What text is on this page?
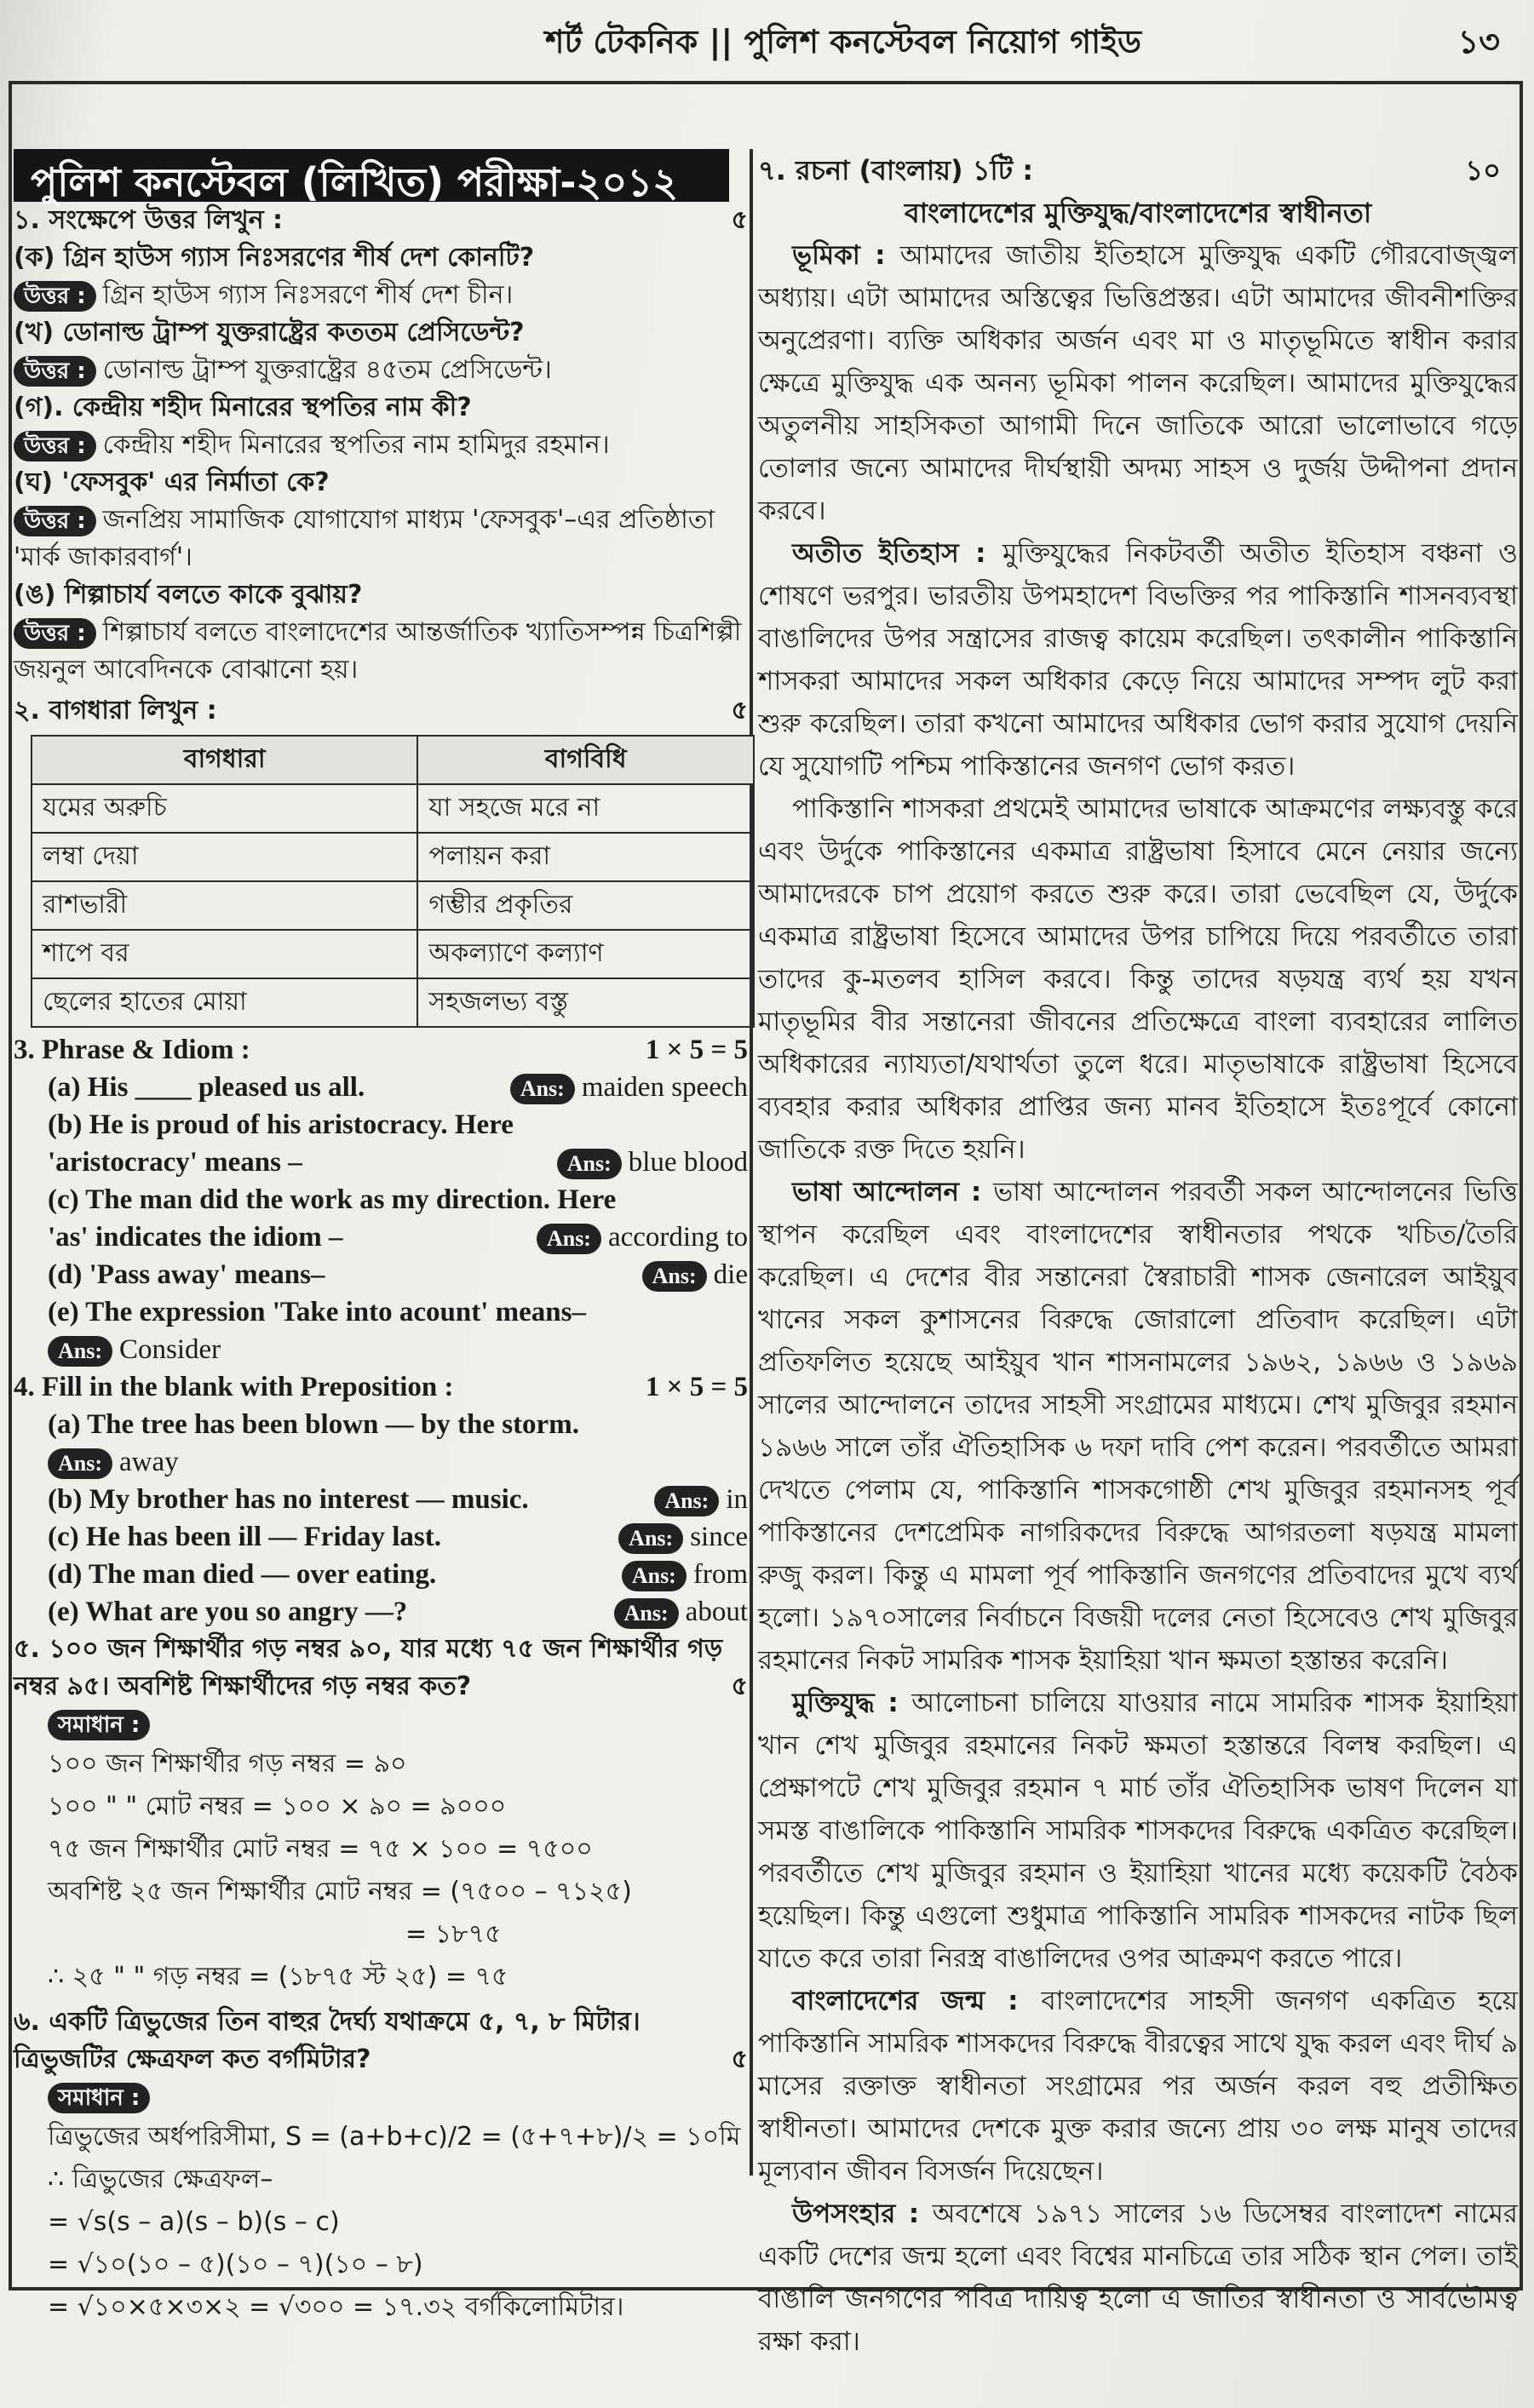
শর্ট টেকনিক || পুলিশ কনস্টেবল নিয়োগ গাইড	১৩
পুলিশ কনস্টেবল (লিখিত) পরীক্ষা-২০১২
১. সংক্ষেপে উত্তর লিখুন :	৫
(ক) গ্রিন হাউস গ্যাস নিঃসরণের শীর্ষ দেশ কোনটি?
উত্তর : গ্রিন হাউস গ্যাস নিঃসরণে শীর্ষ দেশ চীন।
(খ) ডোনাল্ড ট্রাম্প যুক্তরাষ্ট্রের কততম প্রেসিডেন্ট?
উত্তর : ডোনাল্ড ট্রাম্প যুক্তরাষ্ট্রের ৪৫তম প্রেসিডেন্ট।
(গ). কেন্দ্রীয় শহীদ মিনারের স্থপতির নাম কী?
উত্তর : কেন্দ্রীয় শহীদ মিনারের স্থপতির নাম হামিদুর রহমান।
(ঘ) 'ফেসবুক' এর নির্মাতা কে?
উত্তর : জনপ্রিয় সামাজিক যোগাযোগ মাধ্যম 'ফেসবুক'–এর প্রতিষ্ঠাতা 'মার্ক জাকারবার্গ'।
(ঙ) শিল্পাচার্য বলতে কাকে বুঝায়?
উত্তর : শিল্পাচার্য বলতে বাংলাদেশের আন্তর্জাতিক খ্যাতিসম্পন্ন চিত্রশিল্পী জয়নুল আবেদিনকে বোঝানো হয়।
২. বাগধারা লিখুন :	৫
বাগধারা	বাগবিধি
যমের অরুচি	যা সহজে মরে না
লম্বা দেয়া	পলায়ন করা
রাশভারী	গম্ভীর প্রকৃতির
শাপে বর	অকল্যাণে কল্যাণ
ছেলের হাতের মোয়া	সহজলভ্য বস্তু
3. Phrase & Idiom :	1 × 5 = 5
(a) His ____ pleased us all.	Ans: maiden speech
(b) He is proud of his aristocracy. Here
'aristocracy' means –	Ans: blue blood
(c) The man did the work as my direction. Here
'as' indicates the idiom –	Ans: according to
(d) 'Pass away' means–	Ans: die
(e) The expression 'Take into acount' means–
Ans: Consider
4. Fill in the blank with Preposition :	1 × 5 = 5
(a) The tree has been blown — by the storm.
Ans: away
(b) My brother has no interest — music.	Ans: in
(c) He has been ill — Friday last.	Ans: since
(d) The man died — over eating.	Ans: from
(e) What are you so angry —?	Ans: about
৫. ১০০ জন শিক্ষার্থীর গড় নম্বর ৯০, যার মধ্যে ৭৫ জন শিক্ষার্থীর গড় নম্বর ৯৫। অবশিষ্ট শিক্ষার্থীদের গড় নম্বর কত?	৫
সমাধান :
১০০ জন শিক্ষার্থীর গড় নম্বর = ৯০
১০০ " " মোট নম্বর = ১০০ × ৯০ = ৯০০০
৭৫ জন শিক্ষার্থীর মোট নম্বর = ৭৫ × ১০০ = ৭৫০০
অবশিষ্ট ২৫ জন শিক্ষার্থীর মোট নম্বর = (৭৫০০ – ৭১২৫)
= ১৮৭৫
∴ ২৫ " " গড় নম্বর = (১৮৭৫ স্ট ২৫) = ৭৫
৬. একটি ত্রিভুজের তিন বাহুর দৈর্ঘ্য যথাক্রমে ৫, ৭, ৮ মিটার। ত্রিভুজটির ক্ষেত্রফল কত বর্গমিটার?	৫
সমাধান :
ত্রিভুজের অর্ধপরিসীমা, S = (a+b+c)/2 = (৫+৭+৮)/২ = ১০মি
∴ ত্রিভুজের ক্ষেত্রফল–
= √s(s – a)(s – b)(s – c)
= √১০(১০ – ৫)(১০ – ৭)(১০ – ৮)
= √১০×৫×৩×২ = √৩০০ = ১৭.৩২ বর্গকিলোমিটার।
৭. রচনা (বাংলায়) ১টি :	১০
বাংলাদেশের মুক্তিযুদ্ধ/বাংলাদেশের স্বাধীনতা
ভূমিকা : আমাদের জাতীয় ইতিহাসে মুক্তিযুদ্ধ একটি গৌরবোজ্জ্বল অধ্যায়। এটা আমাদের অস্তিত্বের ভিত্তিপ্রস্তর। এটা আমাদের জীবনীশক্তির অনুপ্রেরণা। ব্যক্তি অধিকার অর্জন এবং মা ও মাতৃভূমিতে স্বাধীন করার ক্ষেত্রে মুক্তিযুদ্ধ এক অনন্য ভূমিকা পালন করেছিল। আমাদের মুক্তিযুদ্ধের অতুলনীয় সাহসিকতা আগামী দিনে জাতিকে আরো ভালোভাবে গড়ে তোলার জন্যে আমাদের দীর্ঘস্থায়ী অদম্য সাহস ও দুর্জয় উদ্দীপনা প্রদান করবে।
অতীত ইতিহাস : মুক্তিযুদ্ধের নিকটবর্তী অতীত ইতিহাস বঞ্চনা ও শোষণে ভরপুর। ভারতীয় উপমহাদেশ বিভক্তির পর পাকিস্তানি শাসনব্যবস্থা বাঙালিদের উপর সন্ত্রাসের রাজত্ব কায়েম করেছিল। তৎকালীন পাকিস্তানি শাসকরা আমাদের সকল অধিকার কেড়ে নিয়ে আমাদের সম্পদ লুট করা শুরু করেছিল। তারা কখনো আমাদের অধিকার ভোগ করার সুযোগ দেয়নি যে সুযোগটি পশ্চিম পাকিস্তানের জনগণ ভোগ করত।
পাকিস্তানি শাসকরা প্রথমেই আমাদের ভাষাকে আক্রমণের লক্ষ্যবস্তু করে এবং উর্দুকে পাকিস্তানের একমাত্র রাষ্ট্রভাষা হিসাবে মেনে নেয়ার জন্যে আমাদেরকে চাপ প্রয়োগ করতে শুরু করে। তারা ভেবেছিল যে, উর্দুকে একমাত্র রাষ্ট্রভাষা হিসেবে আমাদের উপর চাপিয়ে দিয়ে পরবর্তীতে তারা তাদের কু-মতলব হাসিল করবে। কিন্তু তাদের ষড়যন্ত্র ব্যর্থ হয় যখন মাতৃভূমির বীর সন্তানেরা জীবনের প্রতিক্ষেত্রে বাংলা ব্যবহারের লালিত অধিকারের ন্যায্যতা/যথার্থতা তুলে ধরে। মাতৃভাষাকে রাষ্ট্রভাষা হিসেবে ব্যবহার করার অধিকার প্রাপ্তির জন্য মানব ইতিহাসে ইতঃপূর্বে কোনো জাতিকে রক্ত দিতে হয়নি।
ভাষা আন্দোলন : ভাষা আন্দোলন পরবর্তী সকল আন্দোলনের ভিত্তি স্থাপন করেছিল এবং বাংলাদেশের স্বাধীনতার পথকে খচিত/তৈরি করেছিল। এ দেশের বীর সন্তানেরা স্বৈরাচারী শাসক জেনারেল আইয়ুব খানের সকল কুশাসনের বিরুদ্ধে জোরালো প্রতিবাদ করেছিল। এটা প্রতিফলিত হয়েছে আইয়ুব খান শাসনামলের ১৯৬২, ১৯৬৬ ও ১৯৬৯ সালের আন্দোলনে তাদের সাহসী সংগ্রামের মাধ্যমে। শেখ মুজিবুর রহমান ১৯৬৬ সালে তাঁর ঐতিহাসিক ৬ দফা দাবি পেশ করেন। পরবর্তীতে আমরা দেখতে পেলাম যে, পাকিস্তানি শাসকগোষ্ঠী শেখ মুজিবুর রহমানসহ পূর্ব পাকিস্তানের দেশপ্রেমিক নাগরিকদের বিরুদ্ধে আগরতলা ষড়যন্ত্র মামলা রুজু করল। কিন্তু এ মামলা পূর্ব পাকিস্তানি জনগণের প্রতিবাদের মুখে ব্যর্থ হলো। ১৯৭০সালের নির্বাচনে বিজয়ী দলের নেতা হিসেবেও শেখ মুজিবুর রহমানের নিকট সামরিক শাসক ইয়াহিয়া খান ক্ষমতা হস্তান্তর করেনি।
মুক্তিযুদ্ধ : আলোচনা চালিয়ে যাওয়ার নামে সামরিক শাসক ইয়াহিয়া খান শেখ মুজিবুর রহমানের নিকট ক্ষমতা হস্তান্তরে বিলম্ব করছিল। এ প্রেক্ষাপটে শেখ মুজিবুর রহমান ৭ মার্চ তাঁর ঐতিহাসিক ভাষণ দিলেন যা সমস্ত বাঙালিকে পাকিস্তানি সামরিক শাসকদের বিরুদ্ধে একত্রিত করেছিল। পরবর্তীতে শেখ মুজিবুর রহমান ও ইয়াহিয়া খানের মধ্যে কয়েকটি বৈঠক হয়েছিল। কিন্তু এগুলো শুধুমাত্র পাকিস্তানি সামরিক শাসকদের নাটক ছিল যাতে করে তারা নিরস্ত্র বাঙালিদের ওপর আক্রমণ করতে পারে।
বাংলাদেশের জন্ম : বাংলাদেশের সাহসী জনগণ একত্রিত হয়ে পাকিস্তানি সামরিক শাসকদের বিরুদ্ধে বীরত্বের সাথে যুদ্ধ করল এবং দীর্ঘ ৯ মাসের রক্তাক্ত স্বাধীনতা সংগ্রামের পর অর্জন করল বহু প্রতীক্ষিত স্বাধীনতা। আমাদের দেশকে মুক্ত করার জন্যে প্রায় ৩০ লক্ষ মানুষ তাদের মূল্যবান জীবন বিসর্জন দিয়েছেন।
উপসংহার : অবশেষে ১৯৭১ সালের ১৬ ডিসেম্বর বাংলাদেশ নামের একটি দেশের জন্ম হলো এবং বিশ্বের মানচিত্রে তার সঠিক স্থান পেল। তাই বাঙালি জনগণের পবিত্র দায়িত্ব হলো এ জাতির স্বাধীনতা ও সার্বভৌমত্ব রক্ষা করা।
